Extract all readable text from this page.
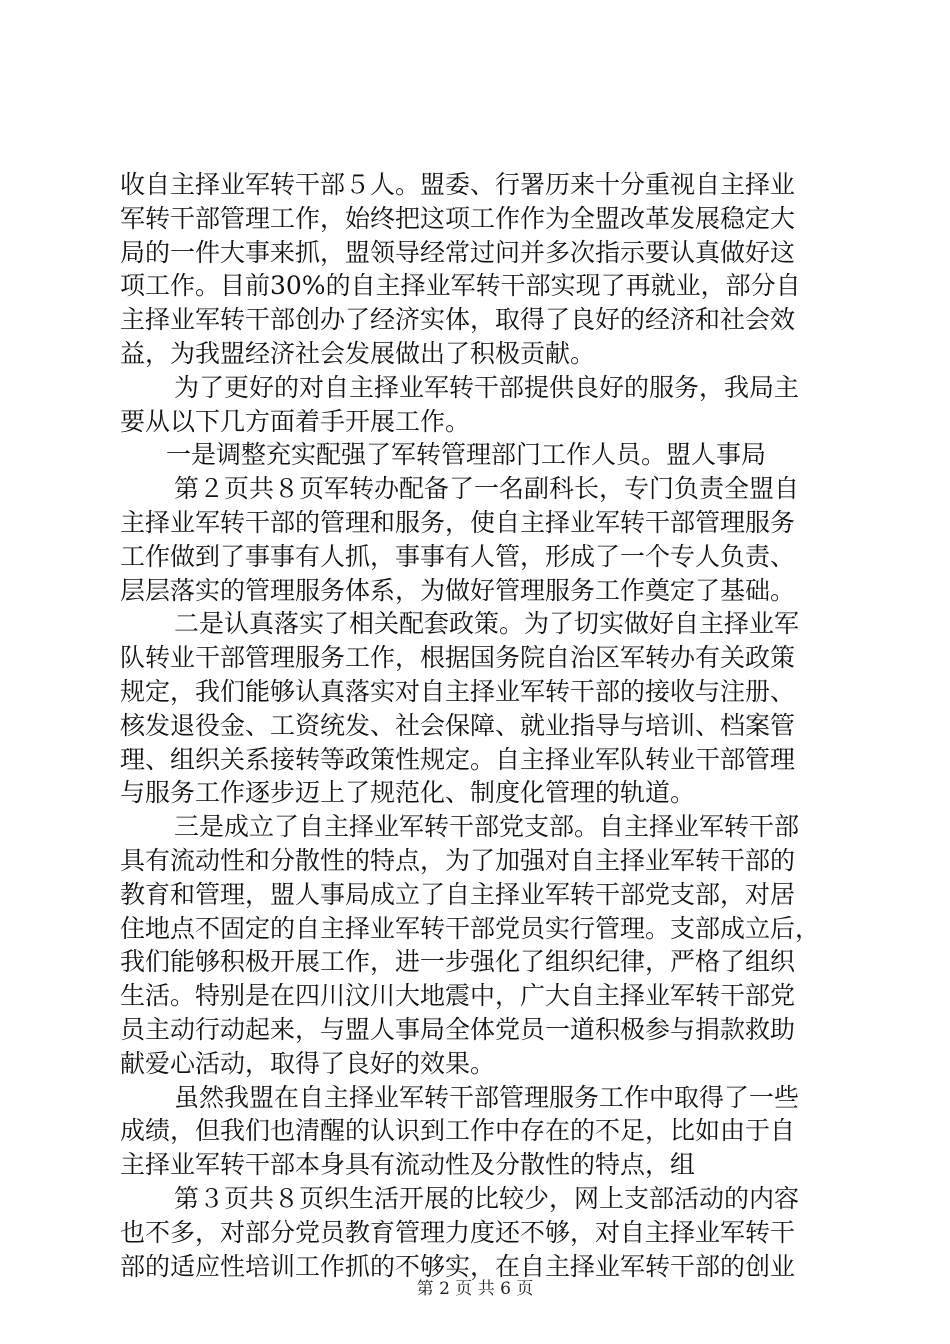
收自主择业军转干部５人。盟委、行署历来十分重视自主择业
军转干部管理工作，始终把这项工作作为全盟改革发展稳定大
局的一件大事来抓，盟领导经常过问并多次指示要认真做好这
项工作。目前30%的自主择业军转干部实现了再就业，部分自
主择业军转干部创办了经济实体，取得了良好的经济和社会效
益，为我盟经济社会发展做出了积极贡献。
为了更好的对自主择业军转干部提供良好的服务，我局主
要从以下几方面着手开展工作。
一是调整充实配强了军转管理部门工作人员。盟人事局
第２页共８页军转办配备了一名副科长，专门负责全盟自
主择业军转干部的管理和服务，使自主择业军转干部管理服务
工作做到了事事有人抓，事事有人管，形成了一个专人负责、
层层落实的管理服务体系，为做好管理服务工作奠定了基础。
二是认真落实了相关配套政策。为了切实做好自主择业军
队转业干部管理服务工作，根据国务院自治区军转办有关政策
规定，我们能够认真落实对自主择业军转干部的接收与注册、
核发退役金、工资统发、社会保障、就业指导与培训、档案管
理、组织关系接转等政策性规定。自主择业军队转业干部管理
与服务工作逐步迈上了规范化、制度化管理的轨道。
三是成立了自主择业军转干部党支部。自主择业军转干部
具有流动性和分散性的特点，为了加强对自主择业军转干部的
教育和管理，盟人事局成立了自主择业军转干部党支部，对居
住地点不固定的自主择业军转干部党员实行管理。支部成立后，
我们能够积极开展工作，进一步强化了组织纪律，严格了组织
生活。特别是在四川汶川大地震中，广大自主择业军转干部党
员主动行动起来，与盟人事局全体党员一道积极参与捐款救助
献爱心活动，取得了良好的效果。
虽然我盟在自主择业军转干部管理服务工作中取得了一些
成绩，但我们也清醒的认识到工作中存在的不足，比如由于自
主择业军转干部本身具有流动性及分散性的特点，组
第３页共８页织生活开展的比较少，网上支部活动的内容
也不多，对部分党员教育管理力度还不够，对自主择业军转干
部的适应性培训工作抓的不够实，在自主择业军转干部的创业
第 2 页 共 6 页
